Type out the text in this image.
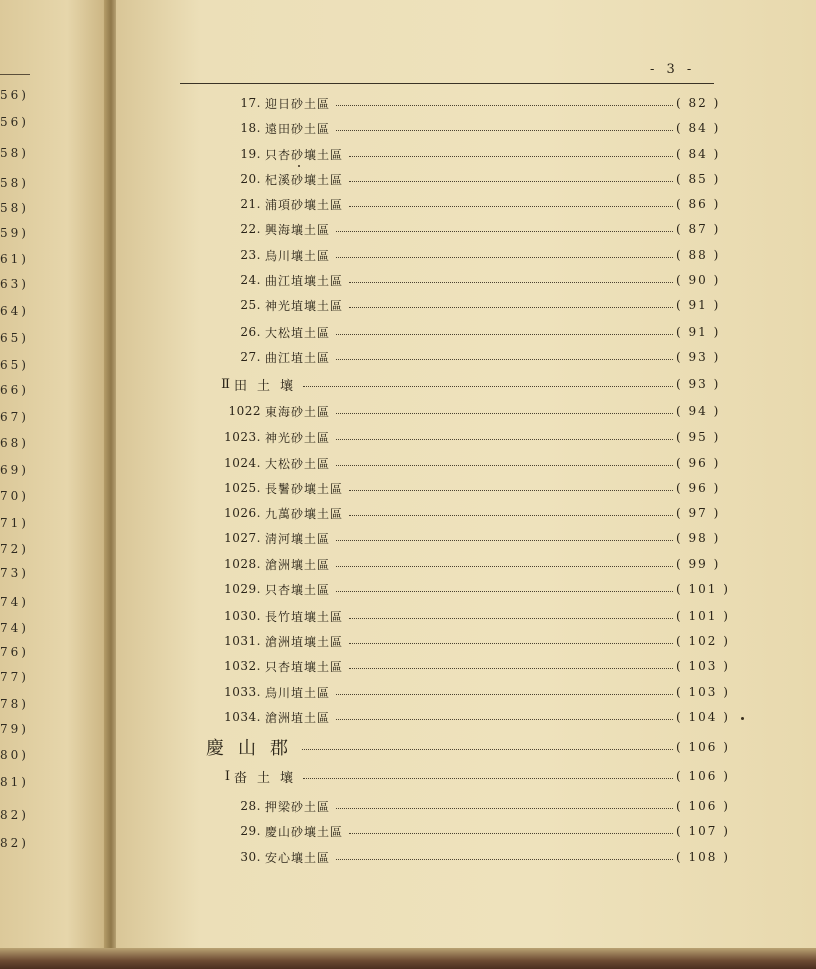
56)
56)
58)
58)
58)
59)
61)
63)
64)
65)
65)
66)
67)
68)
69)
70)
71)
72)
73)
74)
74)
76)
77)
78)
79)
80)
81)
82)
82)
- 3 -
17. 迎日砂土區	( 82 )
18. 遠田砂土區	( 84 )
19. 只杏砂壤土區	( 84 )
20. 杞溪砂壤土區	( 85 )
21. 浦項砂壤土區	( 86 )
22. 興海壤土區	( 87 )
23. 烏川壤土區	( 88 )
24. 曲江埴壤土區	( 90 )
25. 神光埴壤土區	( 91 )
26. 大松埴土區	( 91 )
27. 曲江埴土區	( 93 )
Ⅱ 田土壤	( 93 )
1022 東海砂土區	( 94 )
1023. 神光砂土區	( 95 )
1024. 大松砂土區	( 96 )
1025. 長鬐砂壤土區	( 96 )
1026. 九萬砂壤土區	( 97 )
1027. 淸河壤土區	( 98 )
1028. 滄洲壤土區	( 99 )
1029. 只杏壤土區	( 101 )
1030. 長竹埴壤土區	( 101 )
1031. 滄洲埴壤土區	( 102 )
1032. 只杏埴壤土區	( 103 )
1033. 烏川埴土區	( 103 )
1034. 滄洲埴土區	( 104 )
慶山郡	( 106 )
Ⅰ 畓土壤	( 106 )
28. 押梁砂土區	( 106 )
29. 慶山砂壤土區	( 107 )
30. 安心壤土區	( 108 )
